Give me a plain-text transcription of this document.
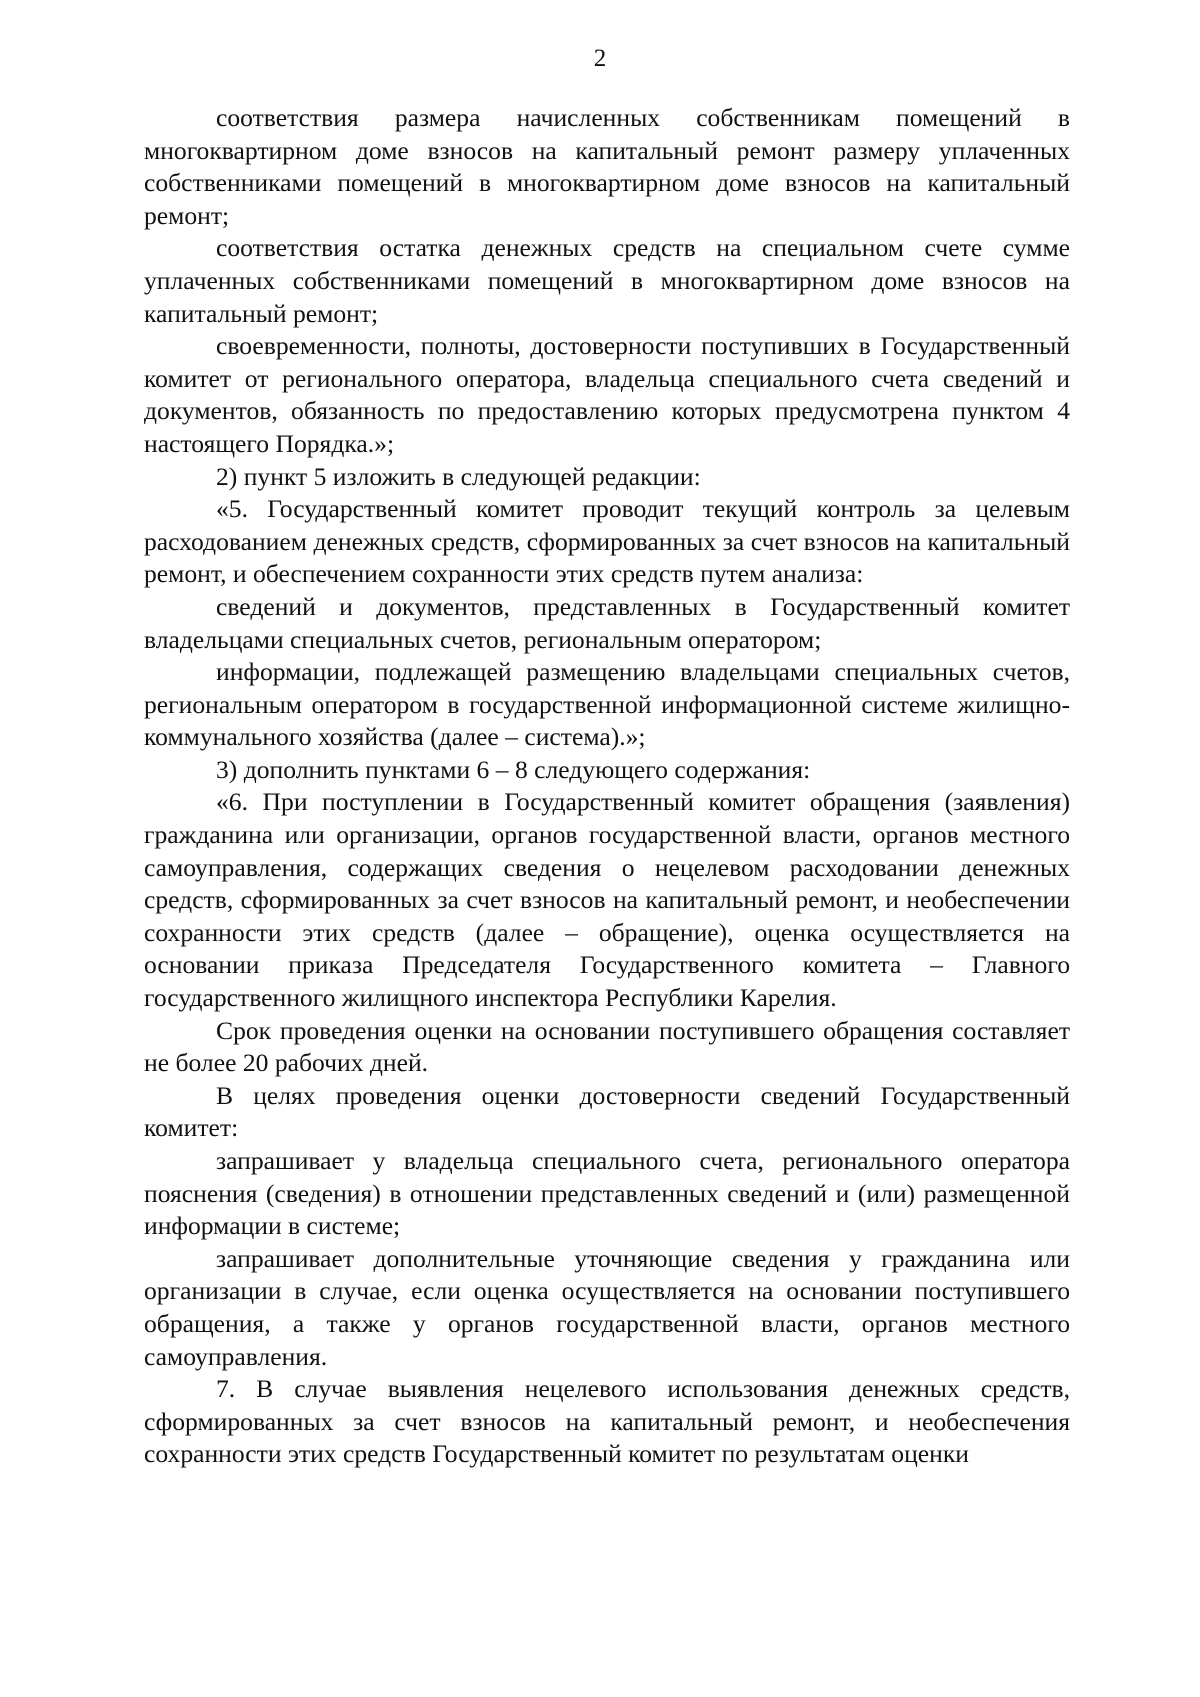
2

соответствия размера начисленных собственникам помещений в многоквартирном доме взносов на капитальный ремонт размеру уплаченных собственниками помещений в многоквартирном доме взносов на капитальный ремонт;

соответствия остатка денежных средств на специальном счете сумме уплаченных собственниками помещений в многоквартирном доме взносов на капитальный ремонт;

своевременности, полноты, достоверности поступивших в Государственный комитет от регионального оператора, владельца специального счета сведений и документов, обязанность по предоставлению которых предусмотрена пунктом 4 настоящего Порядка.»;

2) пункт 5 изложить в следующей редакции:

«5. Государственный комитет проводит текущий контроль за целевым расходованием денежных средств, сформированных за счет взносов на капитальный ремонт, и обеспечением сохранности этих средств путем анализа:

сведений и документов, представленных в Государственный комитет владельцами специальных счетов, региональным оператором;

информации, подлежащей размещению владельцами специальных счетов, региональным оператором в государственной информационной системе жилищно-коммунального хозяйства (далее – система).»;

3) дополнить пунктами 6 – 8 следующего содержания:

«6. При поступлении в Государственный комитет обращения (заявления) гражданина или организации, органов государственной власти, органов местного самоуправления, содержащих сведения о нецелевом расходовании денежных средств, сформированных за счет взносов на капитальный ремонт, и необеспечении сохранности этих средств (далее – обращение), оценка осуществляется на основании приказа Председателя Государственного комитета – Главного государственного жилищного инспектора Республики Карелия.

Срок проведения оценки на основании поступившего обращения составляет не более 20 рабочих дней.

В целях проведения оценки достоверности сведений Государственный комитет:

запрашивает у владельца специального счета, регионального оператора пояснения (сведения) в отношении представленных сведений и (или) размещенной информации в системе;

запрашивает дополнительные уточняющие сведения у гражданина или организации в случае, если оценка осуществляется на основании поступившего обращения, а также у органов государственной власти, органов местного самоуправления.

7. В случае выявления нецелевого использования денежных средств, сформированных за счет взносов на капитальный ремонт, и необеспечения сохранности этих средств Государственный комитет по результатам оценки
